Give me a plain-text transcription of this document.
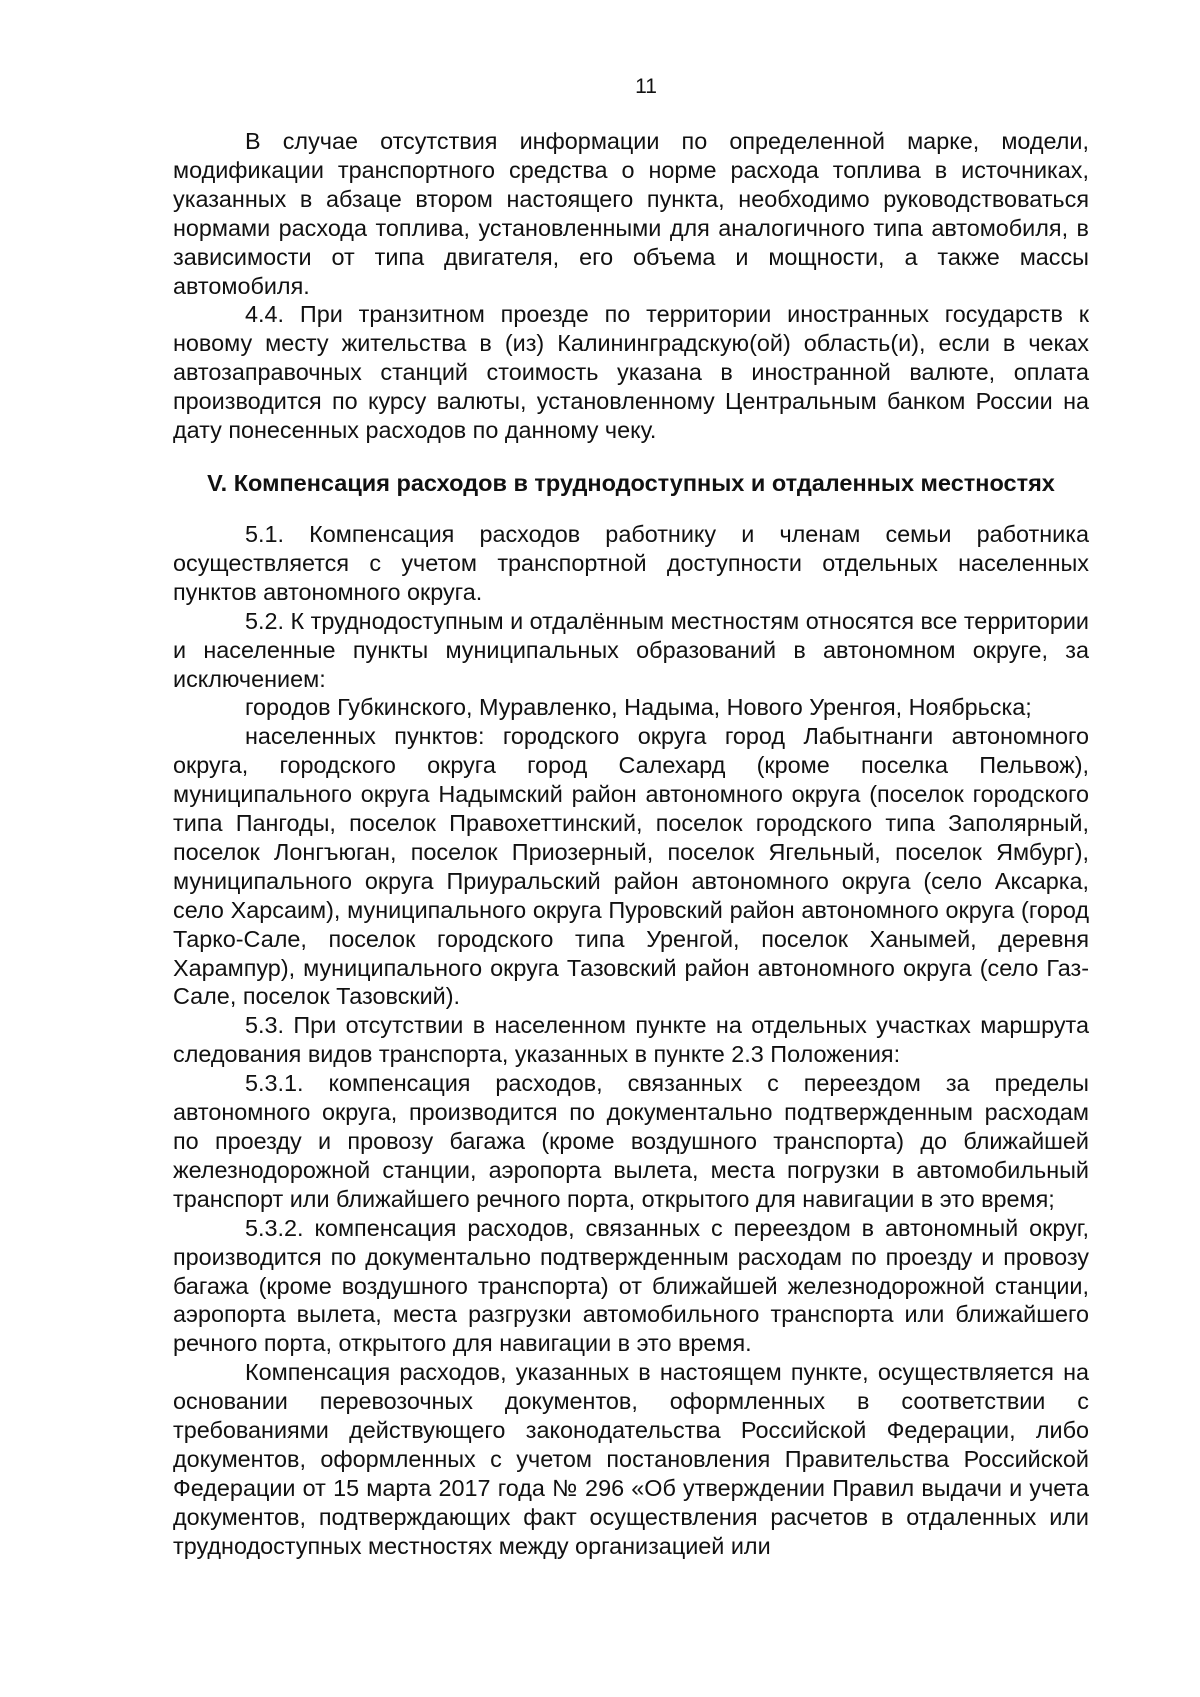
11

В случае отсутствия информации по определенной марке, модели, модификации транспортного средства о норме расхода топлива в источниках, указанных в абзаце втором настоящего пункта, необходимо руководствоваться нормами расхода топлива, установленными для аналогичного типа автомобиля, в зависимости от типа двигателя, его объема и мощности, а также массы автомобиля.

4.4. При транзитном проезде по территории иностранных государств к новому месту жительства в (из) Калининградскую(ой) область(и), если в чеках автозаправочных станций стоимость указана в иностранной валюте, оплата производится по курсу валюты, установленному Центральным банком России на дату понесенных расходов по данному чеку.

V. Компенсация расходов в труднодоступных и отдаленных местностях

5.1. Компенсация расходов работнику и членам семьи работника осуществляется с учетом транспортной доступности отдельных населенных пунктов автономного округа.

5.2. К труднодоступным и отдалённым местностям относятся все территории и населенные пункты муниципальных образований в автономном округе, за исключением:

городов Губкинского, Муравленко, Надыма, Нового Уренгоя, Ноябрьска;

населенных пунктов: городского округа город Лабытнанги автономного округа, городского округа город Салехард (кроме поселка Пельвож), муниципального округа Надымский район автономного округа (поселок городского типа Пангоды, поселок Правохеттинский, поселок городского типа Заполярный, поселок Лонгъюган, поселок Приозерный, поселок Ягельный, поселок Ямбург), муниципального округа Приуральский район автономного округа (село Аксарка, село Харсаим), муниципального округа Пуровский район автономного округа (город Тарко-Сале, поселок городского типа Уренгой, поселок Ханымей, деревня Харампур), муниципального округа Тазовский район автономного округа (село Газ-Сале, поселок Тазовский).

5.3. При отсутствии в населенном пункте на отдельных участках маршрута следования видов транспорта, указанных в пункте 2.3 Положения:

5.3.1. компенсация расходов, связанных с переездом за пределы автономного округа, производится по документально подтвержденным расходам по проезду и провозу багажа (кроме воздушного транспорта) до ближайшей железнодорожной станции, аэропорта вылета, места погрузки в автомобильный транспорт или ближайшего речного порта, открытого для навигации в это время;

5.3.2. компенсация расходов, связанных с переездом в автономный округ, производится по документально подтвержденным расходам по проезду и провозу багажа (кроме воздушного транспорта) от ближайшей железнодорожной станции, аэропорта вылета, места разгрузки автомобильного транспорта или ближайшего речного порта, открытого для навигации в это время.

Компенсация расходов, указанных в настоящем пункте, осуществляется на основании перевозочных документов, оформленных в соответствии с требованиями действующего законодательства Российской Федерации, либо документов, оформленных с учетом постановления Правительства Российской Федерации от 15 марта 2017 года № 296 «Об утверждении Правил выдачи и учета документов, подтверждающих факт осуществления расчетов в отдаленных или труднодоступных местностях между организацией или
